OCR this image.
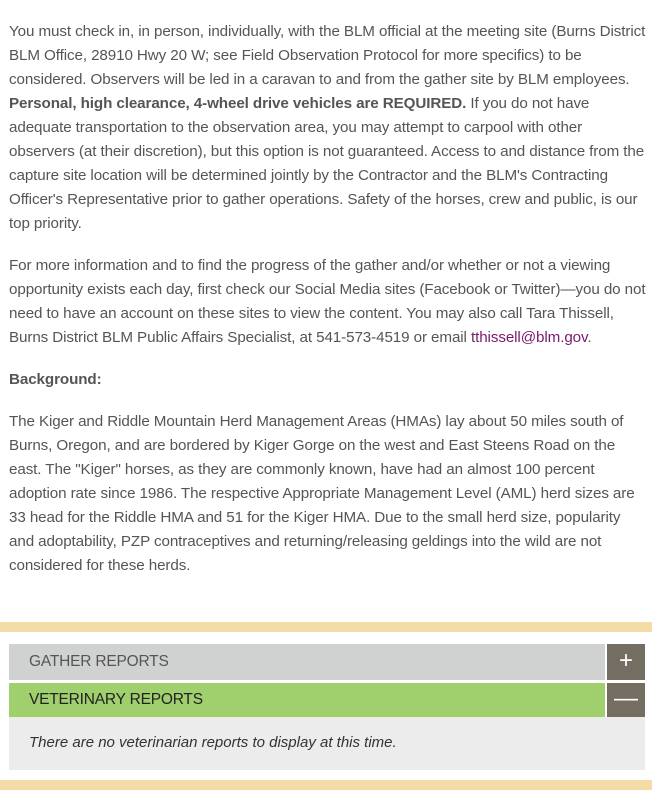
You must check in, in person, individually, with the BLM official at the meeting site (Burns District BLM Office, 28910 Hwy 20 W; see Field Observation Protocol for more specifics) to be considered. Observers will be led in a caravan to and from the gather site by BLM employees. Personal, high clearance, 4-wheel drive vehicles are REQUIRED. If you do not have adequate transportation to the observation area, you may attempt to carpool with other observers (at their discretion), but this option is not guaranteed. Access to and distance from the capture site location will be determined jointly by the Contractor and the BLM's Contracting Officer's Representative prior to gather operations. Safety of the horses, crew and public, is our top priority.

For more information and to find the progress of the gather and/or whether or not a viewing opportunity exists each day, first check our Social Media sites (Facebook or Twitter)—you do not need to have an account on these sites to view the content. You may also call Tara Thissell, Burns District BLM Public Affairs Specialist, at 541-573-4519 or email tthissell@blm.gov.

Background:

The Kiger and Riddle Mountain Herd Management Areas (HMAs) lay about 50 miles south of Burns, Oregon, and are bordered by Kiger Gorge on the west and East Steens Road on the east. The "Kiger" horses, as they are commonly known, have had an almost 100 percent adoption rate since 1986. The respective Appropriate Management Level (AML) herd sizes are 33 head for the Riddle HMA and 51 for the Kiger HMA. Due to the small herd size, popularity and adoptability, PZP contraceptives and returning/releasing geldings into the wild are not considered for these herds.

GATHER REPORTS	+
VETERINARY REPORTS	—
There are no veterinarian reports to display at this time.
